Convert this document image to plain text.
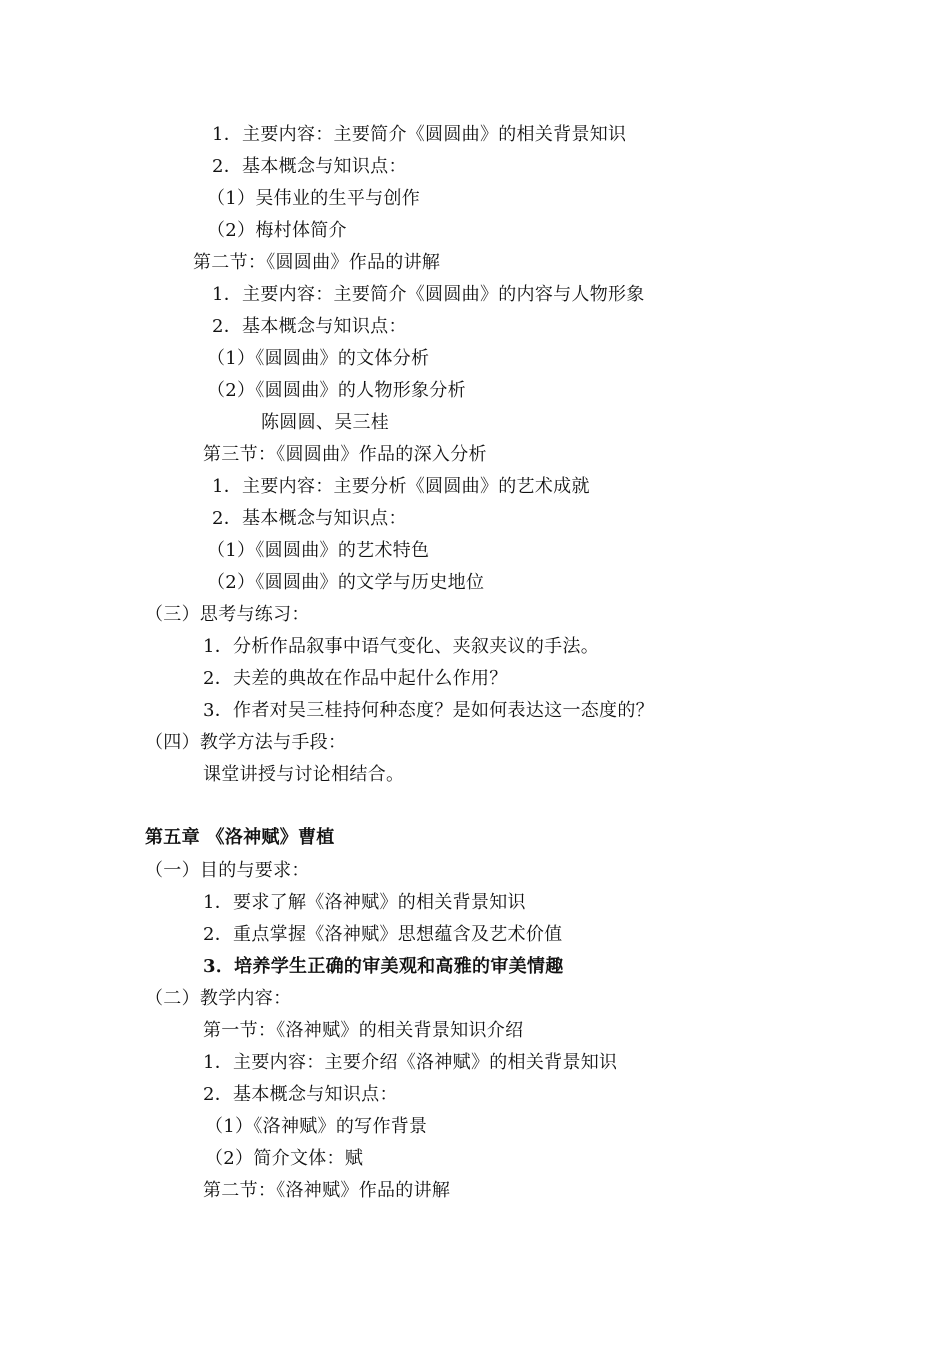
1．主要内容：主要简介《圆圆曲》的相关背景知识
2．基本概念与知识点：
（1）吴伟业的生平与创作
（2）梅村体简介
第二节：《圆圆曲》作品的讲解
1．主要内容：主要简介《圆圆曲》的内容与人物形象
2．基本概念与知识点：
（1）《圆圆曲》的文体分析
（2）《圆圆曲》的人物形象分析
陈圆圆、吴三桂
第三节：《圆圆曲》作品的深入分析
1．主要内容：主要分析《圆圆曲》的艺术成就
2．基本概念与知识点：
（1）《圆圆曲》的艺术特色
（2）《圆圆曲》的文学与历史地位
（三）思考与练习：
1．分析作品叙事中语气变化、夹叙夹议的手法。
2．夫差的典故在作品中起什么作用？
3．作者对吴三桂持何种态度？是如何表达这一态度的？
（四）教学方法与手段：
课堂讲授与讨论相结合。
第五章 《洛神赋》曹植
（一）目的与要求：
1．要求了解《洛神赋》的相关背景知识
2．重点掌握《洛神赋》思想蕴含及艺术价值
3．培养学生正确的审美观和高雅的审美情趣
（二）教学内容：
第一节：《洛神赋》的相关背景知识介绍
1．主要内容：主要介绍《洛神赋》的相关背景知识
2．基本概念与知识点：
（1）《洛神赋》的写作背景
（2）简介文体：赋
第二节：《洛神赋》作品的讲解
